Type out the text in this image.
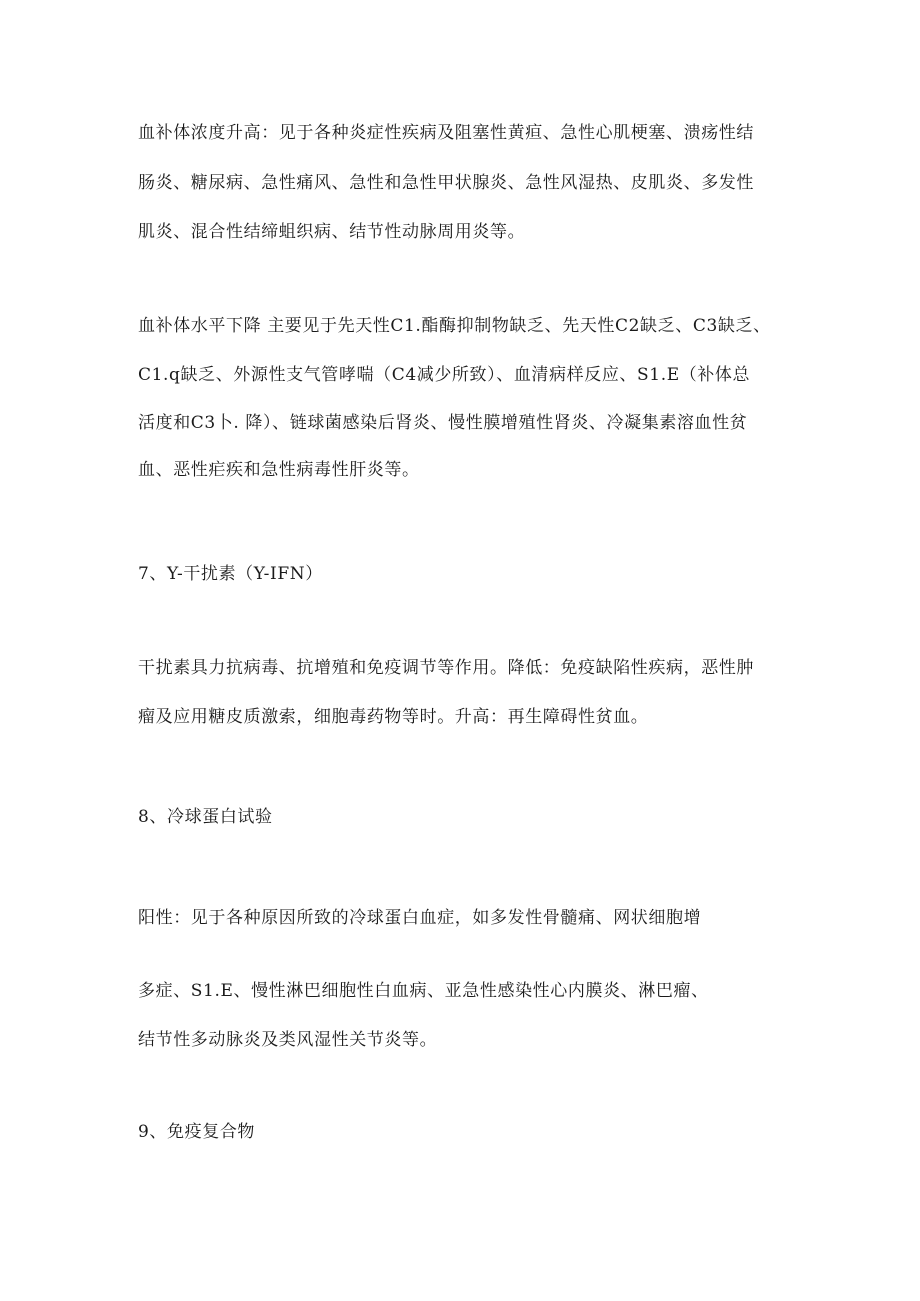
血补体浓度升高：见于各种炎症性疾病及阻塞性黄疸、急性心肌梗塞、溃疡性结
肠炎、糖尿病、急性痛风、急性和急性甲状腺炎、急性风湿热、皮肌炎、多发性
肌炎、混合性结缔蛆织病、结节性动脉周用炎等。
血补体水平下降 主要见于先天性C1.酯酶抑制物缺乏、先天性C2缺乏、C3缺乏、
C1.q缺乏、外源性支气管哮喘（C4减少所致）、血清病样反应、S1.E（补体总
活度和C3卜. 降）、链球菌感染后肾炎、慢性膜增殖性肾炎、冷凝集素溶血性贫
血、恶性疟疾和急性病毒性肝炎等。
7、Y-干扰素（Y-IFN）
干扰素具力抗病毒、抗增殖和免疫调节等作用。降低：免疫缺陷性疾病，恶性肿
瘤及应用糖皮质激索，细胞毒药物等时。升高：再生障碍性贫血。
8、冷球蛋白试验
阳性：见于各种原因所致的冷球蛋白血症，如多发性骨髓痛、网状细胞增
多症、S1.E、慢性淋巴细胞性白血病、亚急性感染性心内膜炎、淋巴瘤、
结节性多动脉炎及类风湿性关节炎等。
9、免疫复合物
